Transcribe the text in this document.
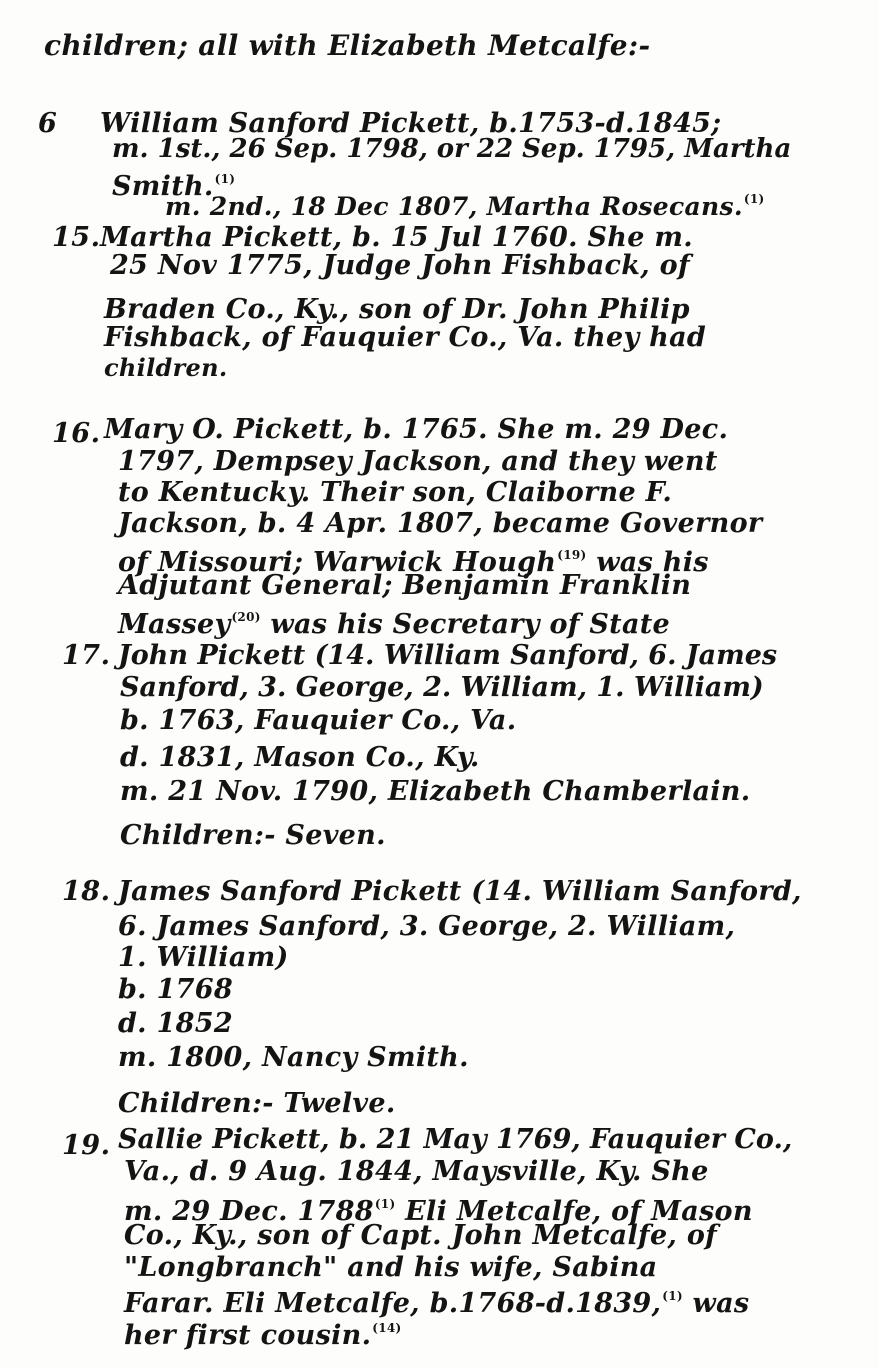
children; all with Elizabeth Metcalfe:-
6 William Sanford Pickett, b.1753-d.1845;
m. 1st., 26 Sep. 1798, or 22 Sep. 1795, Martha
Smith.$^{(1)}$
m. 2nd., 18 Dec 1807, Martha Rosecans.$^{(1)}$
15. Martha Pickett, b. 15 Jul 1760. She m.
25 Nov 1775, Judge John Fishback, of
Braden Co., Ky., son of Dr. John Philip
Fishback, of Fauquier Co., Va. they had
children.
16. Mary O. Pickett, b. 1765. She m. 29 Dec.
1797, Dempsey Jackson, and they went
to Kentucky. Their son, Claiborne F.
Jackson, b. 4 Apr. 1807, became Governor
of Missouri; Warwick Hough$^{(19)}$ was his
Adjutant General; Benjamin Franklin
Massey$^{(20)}$ was his Secretary of State
17. John Pickett (14. William Sanford, 6. James
Sanford, 3. George, 2. William, 1. William)
b. 1763, Fauquier Co., Va.
d. 1831, Mason Co., Ky.
m. 21 Nov. 1790, Elizabeth Chamberlain.
Children:- Seven.
18. James Sanford Pickett (14. William Sanford,
6. James Sanford, 3. George, 2. William,
1. William)
b. 1768
d. 1852
m. 1800, Nancy Smith.
Children:- Twelve.
19. Sallie Pickett, b. 21 May 1769, Fauquier Co.,
Va., d. 9 Aug. 1844, Maysville, Ky. She
m. 29 Dec. 1788$^{(1)}$ Eli Metcalfe, of Mason
Co., Ky., son of Capt. John Metcalfe, of
"Longbranch" and his wife, Sabina
Farar. Eli Metcalfe, b.1768-d.1839,$^{(1)}$ was
her first cousin.$^{(14)}$
